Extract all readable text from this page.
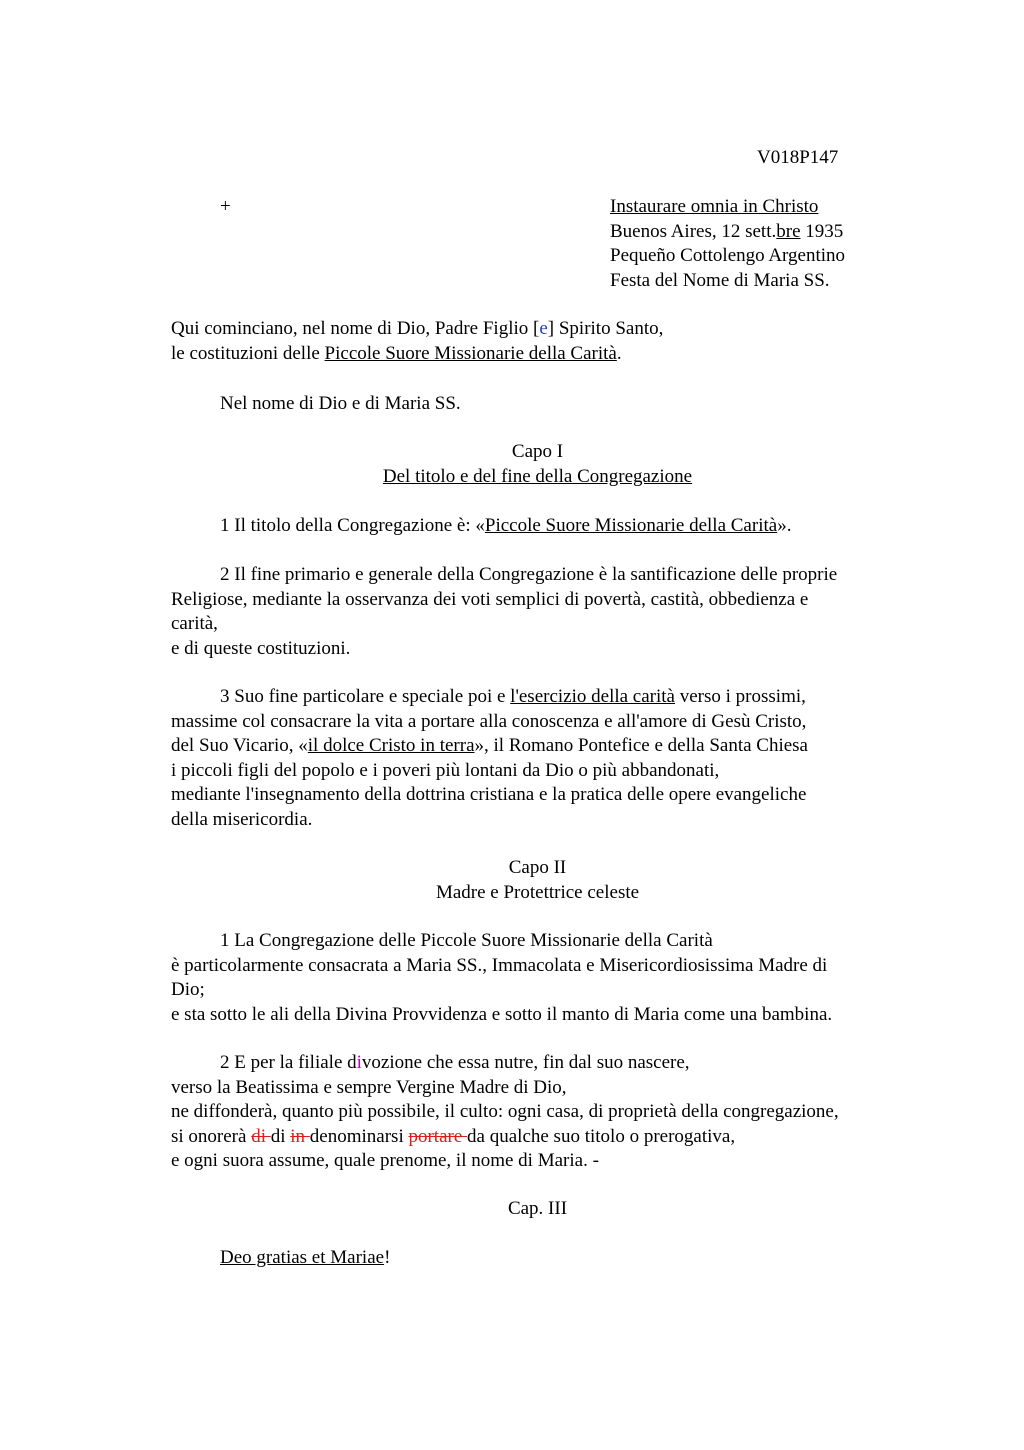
V018P147
+	Instaurare omnia in Christo
Buenos Aires, 12 sett.bre 1935
Pequeño Cottolengo Argentino
Festa del Nome di Maria SS.
Qui cominciano, nel nome di Dio, Padre Figlio [e] Spirito Santo,
le costituzioni delle Piccole Suore Missionarie della Carità.
Nel nome di Dio e di Maria SS.
Capo I
Del titolo e del fine della Congregazione
1 Il titolo della Congregazione è: «Piccole Suore Missionarie della Carità».
2 Il fine primario e generale della Congregazione è la santificazione delle proprie
Religiose, mediante la osservanza dei voti semplici di povertà, castità, obbedienza e
carità,
e di queste costituzioni.
3 Suo fine particolare e speciale poi e l'esercizio della carità verso i prossimi,
massime col consacrare la vita a portare alla conoscenza e all'amore di Gesù Cristo,
del Suo Vicario, «il dolce Cristo in terra», il Romano Pontefice e della Santa Chiesa
i piccoli figli del popolo e i poveri più lontani da Dio o più abbandonati,
mediante l'insegnamento della dottrina cristiana e la pratica delle opere evangeliche
della misericordia.
Capo II
Madre e Protettrice celeste
1 La Congregazione delle Piccole Suore Missionarie della Carità
è particolarmente consacrata a Maria SS., Immacolata e Misericordiosissima Madre di
Dio;
e sta sotto le ali della Divina Provvidenza e sotto il manto di Maria come una bambina.
2 E per la filiale divozione che essa nutre, fin dal suo nascere,
verso la Beatissima e sempre Vergine Madre di Dio,
ne diffonderà, quanto più possibile, il culto: ogni casa, di proprietà della congregazione,
si onorerà di di in denominarsi portare da qualche suo titolo o prerogativa,
e ogni suora assume, quale prenome, il nome di Maria. -
Cap. III
Deo gratias et Mariae!
